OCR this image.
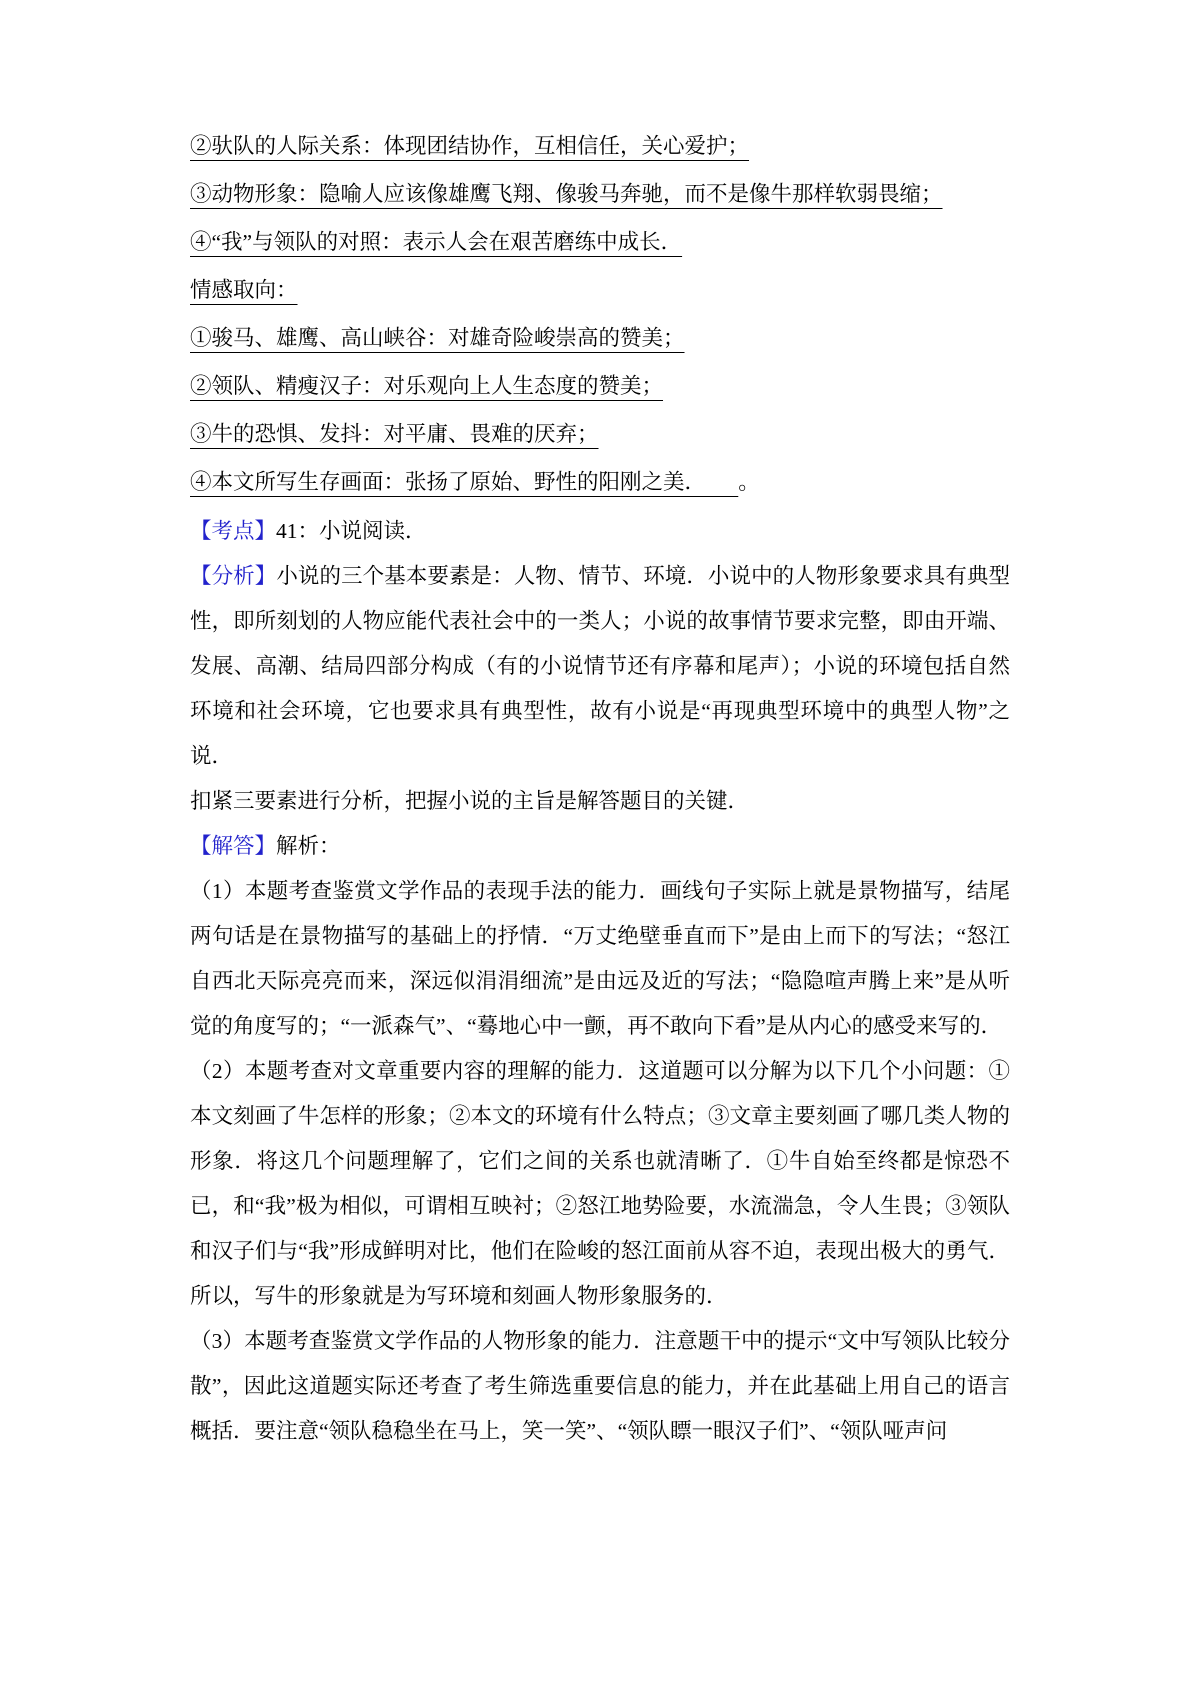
②驮队的人际关系：体现团结协作，互相信任，关心爱护；
③动物形象：隐喻人应该像雄鹰飞翔、像骏马奔驰，而不是像牛那样软弱畏缩；
④“我”与领队的对照：表示人会在艰苦磨练中成长．
情感取向：
①骏马、雄鹰、高山峡谷：对雄奇险峻崇高的赞美；
②领队、精瘦汉子：对乐观向上人生态度的赞美；
③牛的恐惧、发抖：对平庸、畏难的厌弃；
④本文所写生存画面：张扬了原始、野性的阳刚之美．　　。

【考点】41：小说阅读．

【分析】小说的三个基本要素是：人物、情节、环境．小说中的人物形象要求具有典型性，即所刻划的人物应能代表社会中的一类人；小说的故事情节要求完整，即由开端、发展、高潮、结局四部分构成（有的小说情节还有序幕和尾声）；小说的环境包括自然环境和社会环境，它也要求具有典型性，故有小说是“再现典型环境中的典型人物”之说．

扣紧三要素进行分析，把握小说的主旨是解答题目的关键．

【解答】解析：

（1）本题考查鉴赏文学作品的表现手法的能力．画线句子实际上就是景物描写，结尾两句话是在景物描写的基础上的抒情．“万丈绝壁垂直而下”是由上而下的写法；“怒江自西北天际亮亮而来，深远似涓涓细流”是由远及近的写法；“隐隐喧声腾上来”是从听觉的角度写的；“一派森气”、“蓦地心中一颤，再不敢向下看”是从内心的感受来写的．

（2）本题考查对文章重要内容的理解的能力．这道题可以分解为以下几个小问题：①本文刻画了牛怎样的形象；②本文的环境有什么特点；③文章主要刻画了哪几类人物的形象．将这几个问题理解了，它们之间的关系也就清晰了．①牛自始至终都是惊恐不已，和“我”极为相似，可谓相互映衬；②怒江地势险要，水流湍急，令人生畏；③领队和汉子们与“我”形成鲜明对比，他们在险峻的怒江面前从容不迫，表现出极大的勇气．所以，写牛的形象就是为写环境和刻画人物形象服务的．

（3）本题考查鉴赏文学作品的人物形象的能力．注意题干中的提示“文中写领队比较分散”，因此这道题实际还考查了考生筛选重要信息的能力，并在此基础上用自己的语言概括．要注意“领队稳稳坐在马上，笑一笑”、“领队瞟一眼汉子们”、“领队哑声问
